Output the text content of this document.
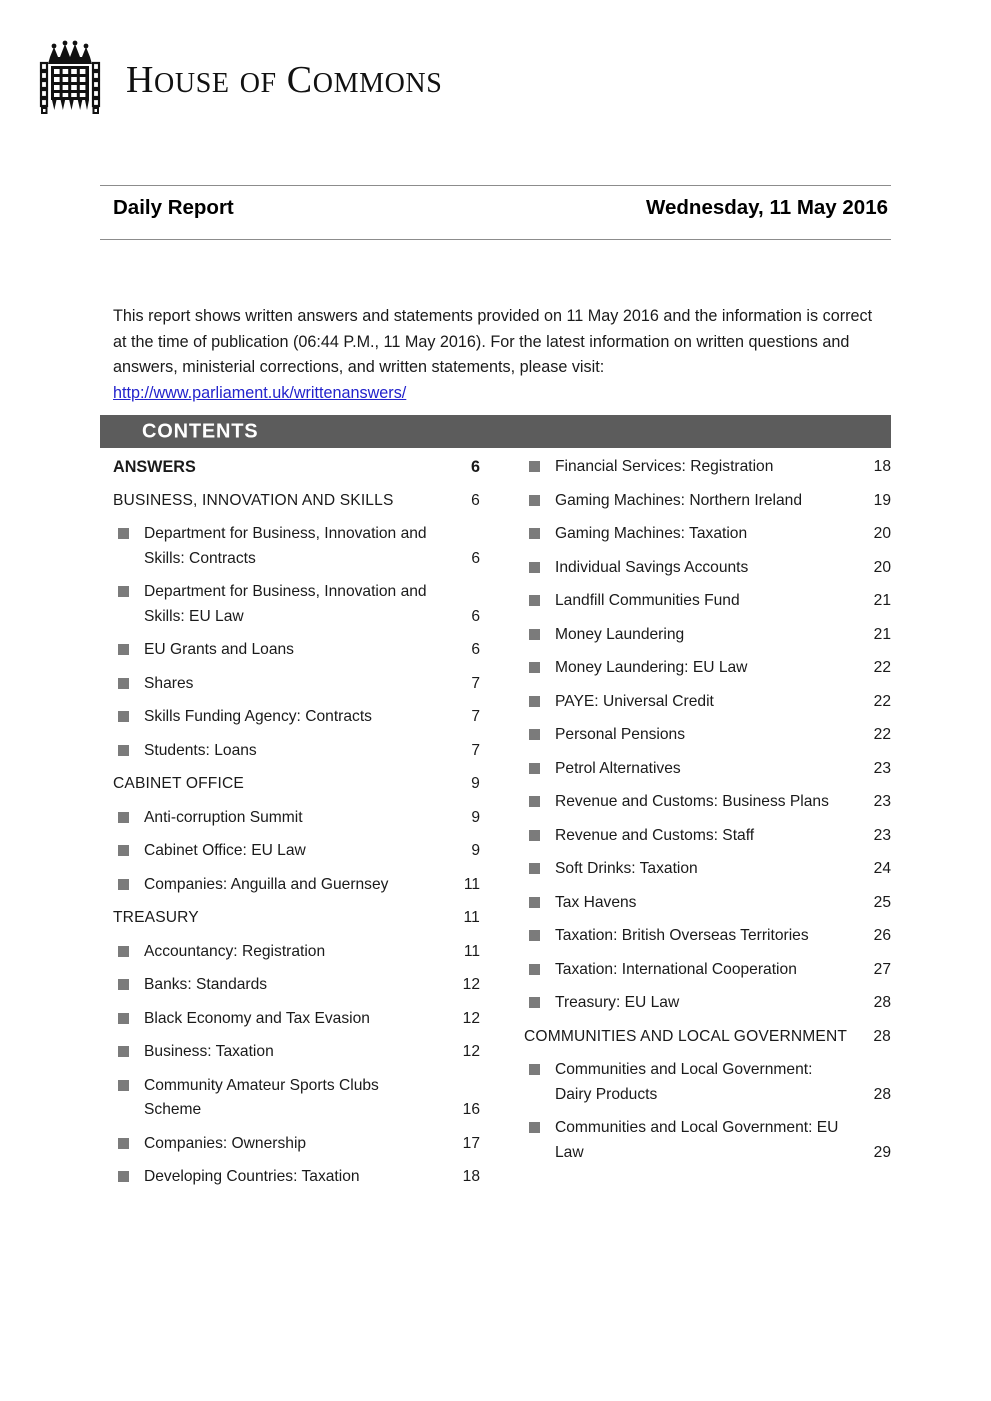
HOUSE OF COMMONS
Daily Report	Wednesday, 11 May 2016

This report shows written answers and statements provided on 11 May 2016 and the information is correct at the time of publication (06:44 P.M., 11 May 2016). For the latest information on written questions and answers, ministerial corrections, and written statements, please visit: http://www.parliament.uk/writtenanswers/

CONTENTS
ANSWERS	6
BUSINESS, INNOVATION AND SKILLS	6
Department for Business, Innovation and Skills: Contracts	6
Department for Business, Innovation and Skills: EU Law	6
EU Grants and Loans	6
Shares	7
Skills Funding Agency: Contracts	7
Students: Loans	7
CABINET OFFICE	9
Anti-corruption Summit	9
Cabinet Office: EU Law	9
Companies: Anguilla and Guernsey	11
TREASURY	11
Accountancy: Registration	11
Banks: Standards	12
Black Economy and Tax Evasion	12
Business: Taxation	12
Community Amateur Sports Clubs Scheme	16
Companies: Ownership	17
Developing Countries: Taxation	18
Financial Services: Registration	18
Gaming Machines: Northern Ireland	19
Gaming Machines: Taxation	20
Individual Savings Accounts	20
Landfill Communities Fund	21
Money Laundering	21
Money Laundering: EU Law	22
PAYE: Universal Credit	22
Personal Pensions	22
Petrol Alternatives	23
Revenue and Customs: Business Plans	23
Revenue and Customs: Staff	23
Soft Drinks: Taxation	24
Tax Havens	25
Taxation: British Overseas Territories	26
Taxation: International Cooperation	27
Treasury: EU Law	28
COMMUNITIES AND LOCAL GOVERNMENT	28
Communities and Local Government: Dairy Products	28
Communities and Local Government: EU Law	29
